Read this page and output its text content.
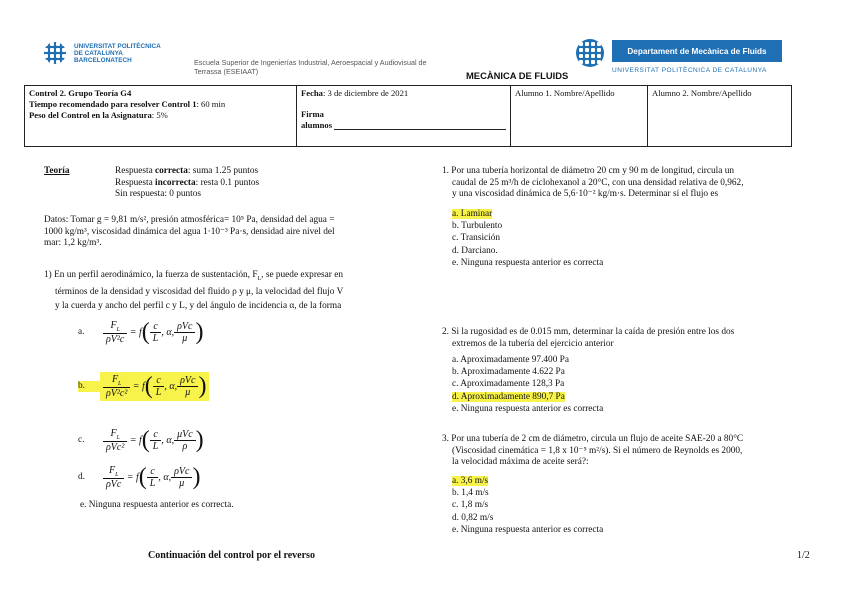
UNIVERSITAT POLITÈCNICA
DE CATALUNYA
BARCELONATECH	Escuela Superior de Ingenierías Industrial, Aeroespacial y Audiovisual de
Terrassa (ESEIAAT)	MECÀNICA DE FLUIDS
Departament de Mecànica de Fluids
UNIVERSITAT POLITÈCNICA DE CATALUNYA
Control 2. Grupo Teoría G4
Tiempo recomendado para resolver Control 1: 60 min
Peso del Control en la Asignatura: 5%

Fecha: 3 de diciembre de 2021
Firma
alumnos

Alumno 1. Nombre/Apellido	Alumno 2. Nombre/Apellido
Teoría	Respuesta correcta: suma 1.25 puntos
Respuesta incorrecta: resta 0.1 puntos
Sin respuesta: 0 puntos
Datos: Tomar g = 9,81 m/s², presión atmosférica= 10⁵ Pa, densidad del agua =
1000 kg/m³, viscosidad dinámica del agua 1·10⁻³ Pa·s, densidad aire nivel del
mar: 1,2 kg/m³.
1) En un perfil aerodinámico, la fuerza de sustentación, $F_L$, se puede expresar en
términos de la densidad y viscosidad del fluido ρ y μ, la velocidad del flujo V
y la cuerda y ancho del perfil c y L, y del ángulo de incidencia α, de la forma
a.	$\frac{F_L}{\text{ρV²c}} = f$ ( $\frac{c}{L}$ , α, $\frac{\text{ρVc}}{\mu}$ )
b.	$\frac{F_L}{\text{ρV²c²}} = f$ ( $\frac{c}{L}$ , α, $\frac{\text{ρVc}}{\mu}$ )
c.	$\frac{F_L}{\text{ρVc²}} = f$ ( $\frac{c}{L}$ , α, $\frac{\text{μVc}}{\rho}$ )
d.	$\frac{F_L}{\text{ρVc}} = f$ ( $\frac{c}{L}$ , α, $\frac{\text{ρVc}}{\mu}$ )
e. Ninguna respuesta anterior es correcta.
1. Por una tubería horizontal de diámetro 20 cm y 90 m de longitud, circula un
caudal de 25 m³/h de ciclohexanol a 20°C, con una densidad relativa de 0,962,
y una viscosidad dinámica de 5,6·10⁻² kg/m·s. Determinar si el flujo es
a. Laminar
b. Turbulento
c. Transición
d. Darciano.
e. Ninguna respuesta anterior es correcta
2. Si la rugosidad es de 0.015 mm, determinar la caída de presión entre los dos
extremos de la tubería del ejercicio anterior
a. Aproximadamente 97.400 Pa
b. Aproximadamente 4.622 Pa
c. Aproximadamente 128,3 Pa
d. Aproximadamente 890,7 Pa
e. Ninguna respuesta anterior es correcta
3. Por una tubería de 2 cm de diámetro, circula un flujo de aceite SAE-20 a 80°C
(Viscosidad cinemática = 1,8 x 10⁻⁵ m²/s). Si el número de Reynolds es 2000,
la velocidad máxima de aceite será?:
a. 3,6 m/s
b. 1,4 m/s
c. 1,8 m/s
d. 0,82 m/s
e. Ninguna respuesta anterior es correcta
Continuación del control por el reverso	1/2
